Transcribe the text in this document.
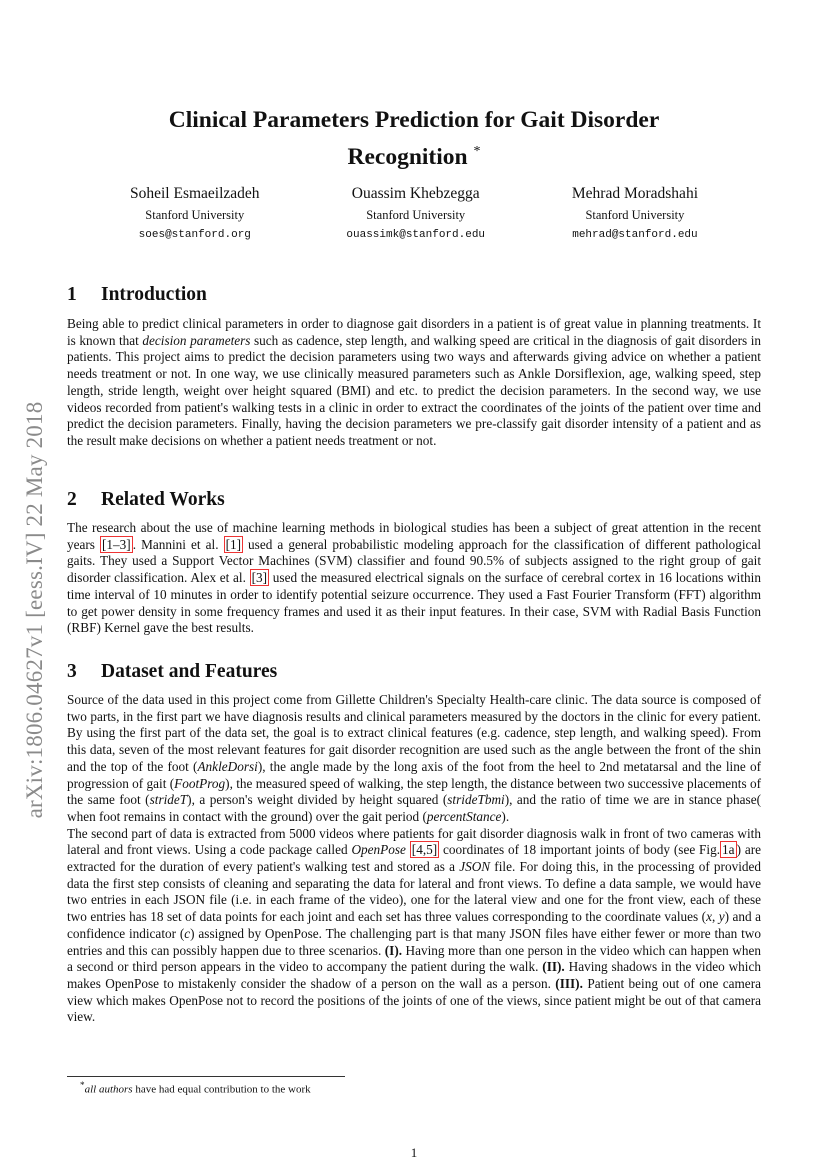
arXiv:1806.04627v1 [eess.IV] 22 May 2018
Clinical Parameters Prediction for Gait Disorder
Recognition *
Soheil Esmaeilzadeh
Stanford University
soes@stanford.org
Ouassim Khebzegga
Stanford University
ouassimk@stanford.edu
Mehrad Moradshahi
Stanford University
mehrad@stanford.edu
1 Introduction

Being able to predict clinical parameters in order to diagnose gait disorders in a patient is of great value in planning treatments. It is known that decision parameters such as cadence, step length, and walking speed are critical in the diagnosis of gait disorders in patients. This project aims to predict the decision parameters using two ways and afterwards giving advice on whether a patient needs treatment or not. In one way, we use clinically measured parameters such as Ankle Dorsiflexion, age, walking speed, step length, stride length, weight over height squared (BMI) and etc. to predict the decision parameters. In the second way, we use videos recorded from patient's walking tests in a clinic in order to extract the coordinates of the joints of the patient over time and predict the decision parameters. Finally, having the decision parameters we pre-classify gait disorder intensity of a patient and as the result make decisions on whether a patient needs treatment or not.

2 Related Works

The research about the use of machine learning methods in biological studies has been a subject of great attention in the recent years [1–3] . Mannini et al. [1] used a general probabilistic modeling approach for the classification of different pathological gaits. They used a Support Vector Machines (SVM) classifier and found 90.5% of subjects assigned to the right group of gait disorder classification. Alex et al. [3] used the measured electrical signals on the surface of cerebral cortex in 16 locations within time interval of 10 minutes in order to identify potential seizure occurrence. They used a Fast Fourier Transform (FFT) algorithm to get power density in some frequency frames and used it as their input features. In their case, SVM with Radial Basis Function (RBF) Kernel gave the best results.

3 Dataset and Features

Source of the data used in this project come from Gillette Children's Specialty Health-care clinic. The data source is composed of two parts, in the first part we have diagnosis results and clinical parameters measured by the doctors in the clinic for every patient. By using the first part of the data set, the goal is to extract clinical features (e.g. cadence, step length, and walking speed). From this data, seven of the most relevant features for gait disorder recognition are used such as the angle between the front of the shin and the top of the foot (AnkleDorsi), the angle made by the long axis of the foot from the heel to 2nd metatarsal and the line of progression of gait (FootProg), the measured speed of walking, the step length, the distance between two successive placements of the same foot (strideT), a person's weight divided by height squared (strideTbmi), and the ratio of time we are in stance phase( when foot remains in contact with the ground) over the gait period (percentStance).

The second part of data is extracted from 5000 videos where patients for gait disorder diagnosis walk in front of two cameras with lateral and front views. Using a code package called OpenPose [4,5] coordinates of 18 important joints of body (see Fig. 1a ) are extracted for the duration of every patient's walking test and stored as a JSON file. For doing this, in the processing of provided data the first step consists of cleaning and separating the data for lateral and front views. To define a data sample, we would have two entries in each JSON file (i.e. in each frame of the video), one for the lateral view and one for the front view, each of these two entries has 18 set of data points for each joint and each set has three values corresponding to the coordinate values (x, y) and a confidence indicator (c) assigned by OpenPose. The challenging part is that many JSON files have either fewer or more than two entries and this can possibly happen due to three scenarios. (I). Having more than one person in the video which can happen when a second or third person appears in the video to accompany the patient during the walk. (II). Having shadows in the video which makes OpenPose to mistakenly consider the shadow of a person on the wall as a person. (III). Patient being out of one camera view which makes OpenPose not to record the positions of the joints of one of the views, since patient might be out of that camera view.

*all authors have had equal contribution to the work
1
